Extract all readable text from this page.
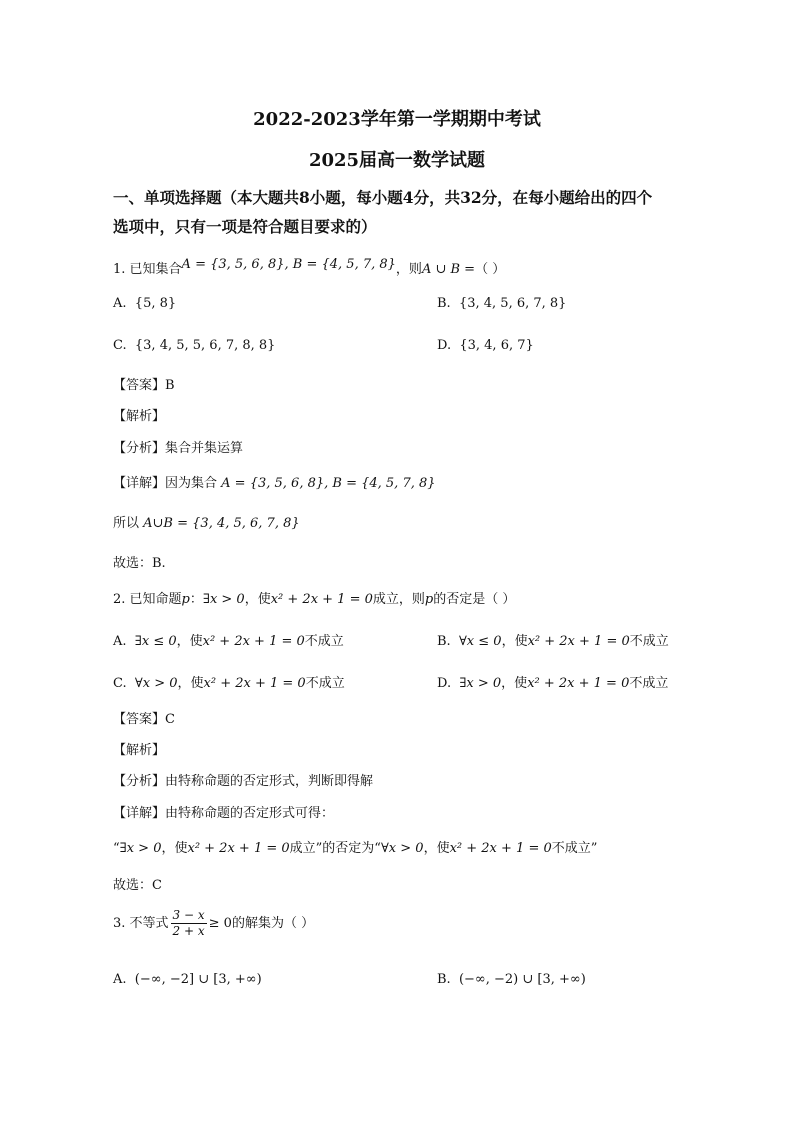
2022-2023学年第一学期期中考试
2025届高一数学试题
一、单项选择题（本大题共8小题，每小题4分，共32分，在每小题给出的四个
选项中，只有一项是符合题目要求的）
1. 已知集合A = {3, 5, 6, 8}, B = {4, 5, 7, 8}，则A ∪ B =（ ）
A. {5, 8}	B. {3, 4, 5, 6, 7, 8}
C. {3, 4, 5, 5, 6, 7, 8, 8}	D. {3, 4, 6, 7}
【答案】B
【解析】
【分析】集合并集运算
【详解】因为集合 A = {3, 5, 6, 8}, B = {4, 5, 7, 8}
所以 A∪B = {3, 4, 5, 6, 7, 8}
故选：B.
2. 已知命题p：∃x > 0，使x² + 2x + 1 = 0成立，则p的否定是（ ）
A. ∃x ≤ 0，使x² + 2x + 1 = 0不成立	B. ∀x ≤ 0，使x² + 2x + 1 = 0不成立
C. ∀x > 0，使x² + 2x + 1 = 0不成立	D. ∃x > 0，使x² + 2x + 1 = 0不成立
【答案】C
【解析】
【分析】由特称命题的否定形式，判断即得解
【详解】由特称命题的否定形式可得：
“∃x > 0，使x² + 2x + 1 = 0成立”的否定为“∀x > 0，使x² + 2x + 1 = 0不成立”
故选：C
3. 不等式 $\frac{3 - x}{2 + x} \ge 0$的解集为（ ）
A. (−∞, −2] ∪ [3, +∞)	B. (−∞, −2) ∪ [3, +∞)
